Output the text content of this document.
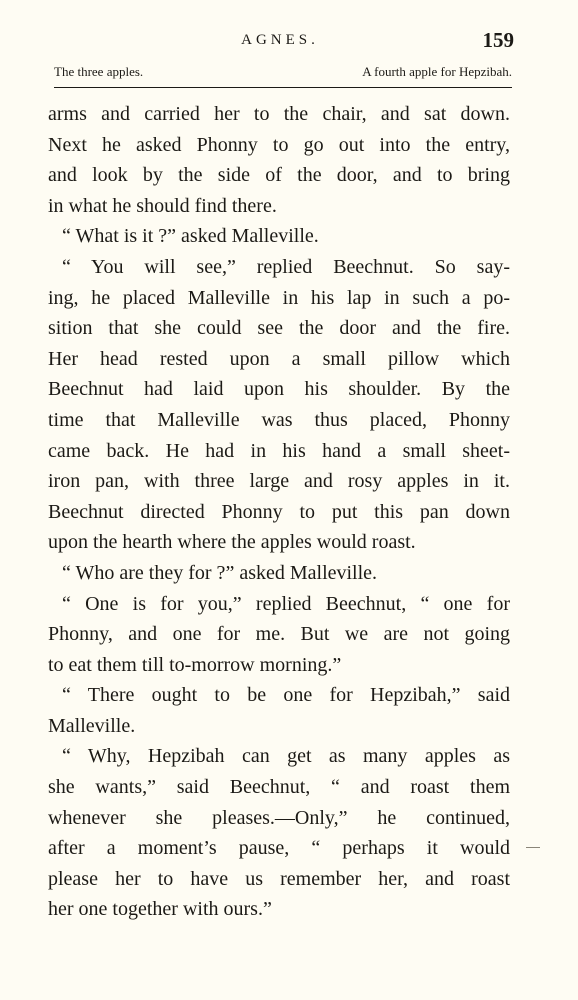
AGNES.	159
The three apples.	A fourth apple for Hepzibah.
arms and carried her to the chair, and sat down.
Next he asked Phonny to go out into the entry,
and look by the side of the door, and to bring
in what he should find there.
“ What is it ?” asked Malleville.
“ You will see,” replied Beechnut. So say-
ing, he placed Malleville in his lap in such a po-
sition that she could see the door and the fire.
Her head rested upon a small pillow which
Beechnut had laid upon his shoulder. By the
time that Malleville was thus placed, Phonny
came back. He had in his hand a small sheet-
iron pan, with three large and rosy apples in it.
Beechnut directed Phonny to put this pan down
upon the hearth where the apples would roast.
“ Who are they for ?” asked Malleville.
“ One is for you,” replied Beechnut, “ one for
Phonny, and one for me. But we are not going
to eat them till to-morrow morning.”
“ There ought to be one for Hepzibah,” said
Malleville.
“ Why, Hepzibah can get as many apples as
she wants,” said Beechnut, “ and roast them
whenever she pleases.—Only,” he continued,
after a moment’s pause, “ perhaps it would
please her to have us remember her, and roast
her one together with ours.”
